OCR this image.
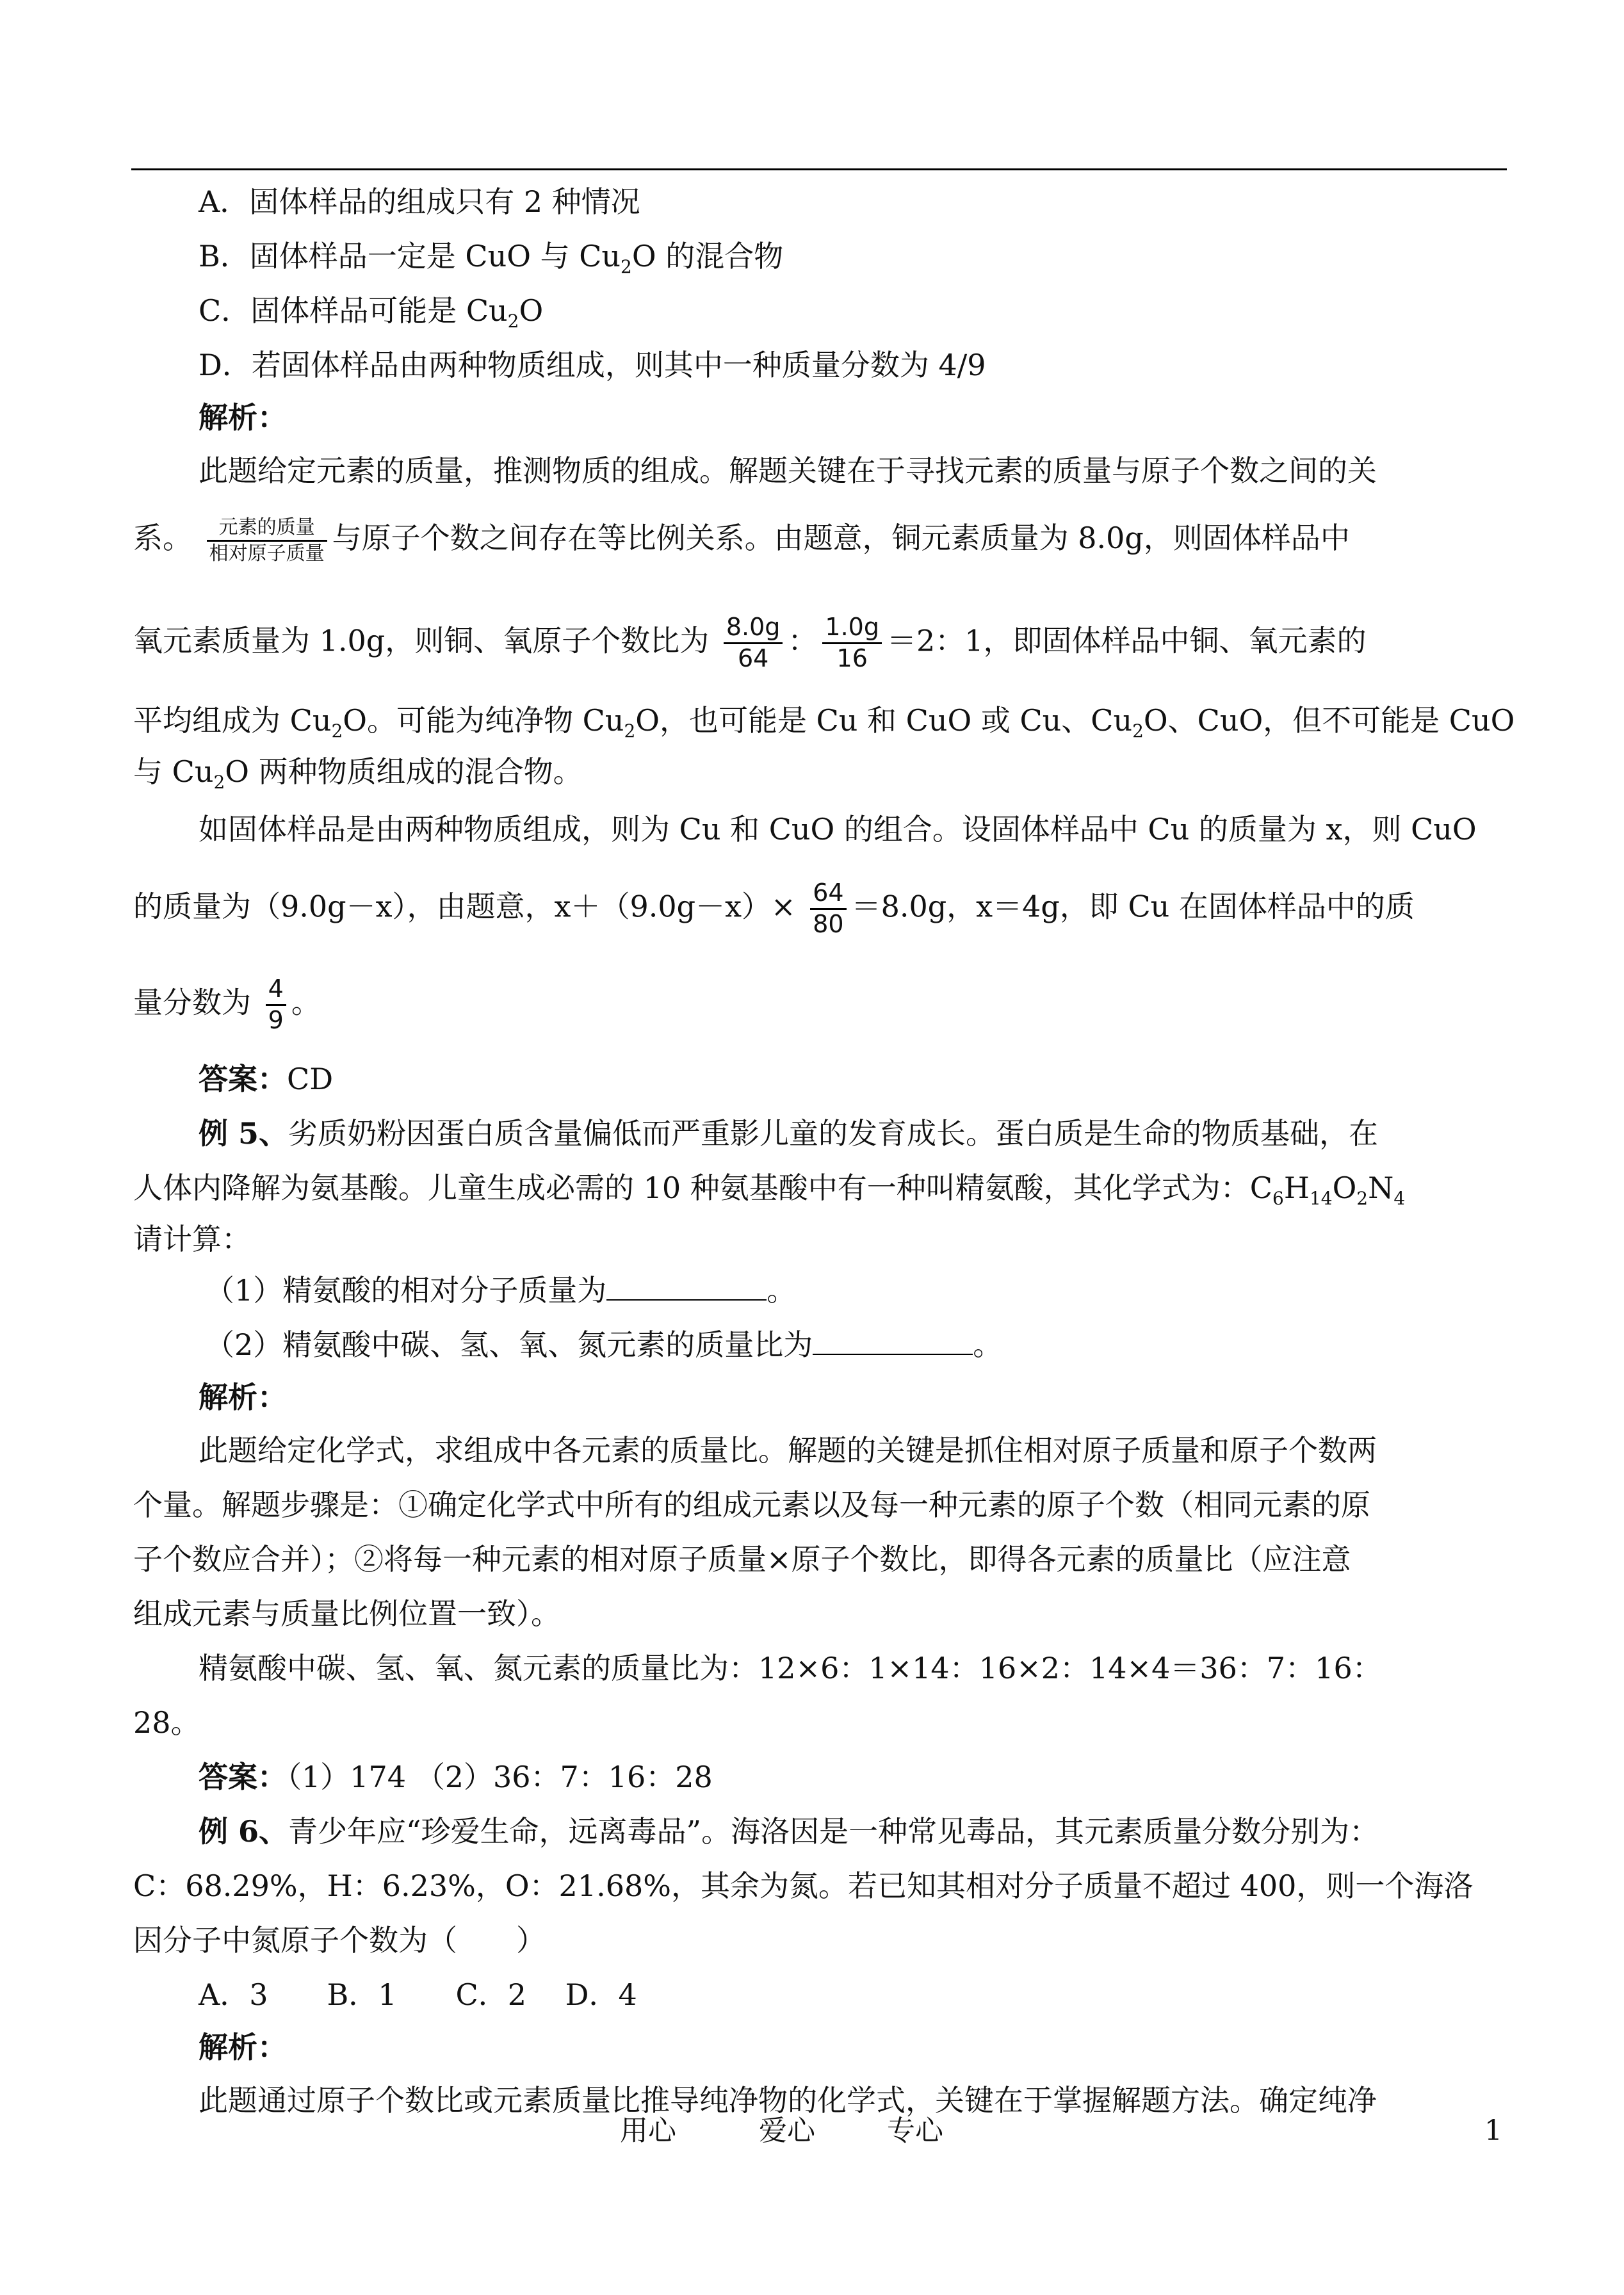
A．固体样品的组成只有 2 种情况
B．固体样品一定是 CuO 与 $Cu_2O$ 的混合物
C．固体样品可能是 $Cu_2O$
D．若固体样品由两种物质组成，则其中一种质量分数为 4/9
解析：
此题给定元素的质量，推测物质的组成。解题关键在于寻找元素的质量与原子个数之间的关
系。 $\frac{\text{元素的质量}}{\text{相对原子质量}}$ 与原子个数之间存在等比例关系。由题意，铜元素质量为 8.0g，则固体样品中
氧元素质量为 1.0g，则铜、氧原子个数比为 $\frac{8.0g}{64}$ ： $\frac{1.0g}{16} =2$：1，即固体样品中铜、氧元素的
平均组成为 $Cu_2O$。可能为纯净物 $Cu_2O$，也可能是 Cu 和 CuO 或 Cu、$Cu_2O$、CuO，但不可能是 CuO
与 $Cu_2O$ 两种物质组成的混合物。
如固体样品是由两种物质组成，则为 Cu 和 CuO 的组合。设固体样品中 Cu 的质量为 x，则 CuO
的质量为（9.0g－x），由题意，$x+(9.0g-x)\times \frac{64}{80} =8.0g$，x＝4g，即 Cu 在固体样品中的质
量分数为 $\frac{4}{9}$ 。
答案：CD
例 5、劣质奶粉因蛋白质含量偏低而严重影儿童的发育成长。蛋白质是生命的物质基础，在
人体内降解为氨基酸。儿童生成必需的 10 种氨基酸中有一种叫精氨酸，其化学式为：$C_6H_{14}O_2N_4$
请计算：
（1）精氨酸的相对分子质量为	。
（2）精氨酸中碳、氢、氧、氮元素的质量比为	。
解析：
此题给定化学式，求组成中各元素的质量比。解题的关键是抓住相对原子质量和原子个数两
个量。解题步骤是：①确定化学式中所有的组成元素以及每一种元素的原子个数（相同元素的原
子个数应合并）；②将每一种元素的相对原子质量×原子个数比，即得各元素的质量比（应注意
组成元素与质量比例位置一致）。
精氨酸中碳、氢、氧、氮元素的质量比为：12×6：1×14：16×2：14×4＝36：7：16：
28。
答案：（1）174 （2）36：7：16：28
例 6、青少年应“珍爱生命，远离毒品”。海洛因是一种常见毒品，其元素质量分数分别为：
C：68.29%，H：6.23%，O：21.68%，其余为氮。若已知其相对分子质量不超过 400，则一个海洛
因分子中氮原子个数为（　　）
A．3　　B．1　　C．2　 D．4
解析：
此题通过原子个数比或元素质量比推导纯净物的化学式，关键在于掌握解题方法。确定纯净
用心	爱心	专心	1
